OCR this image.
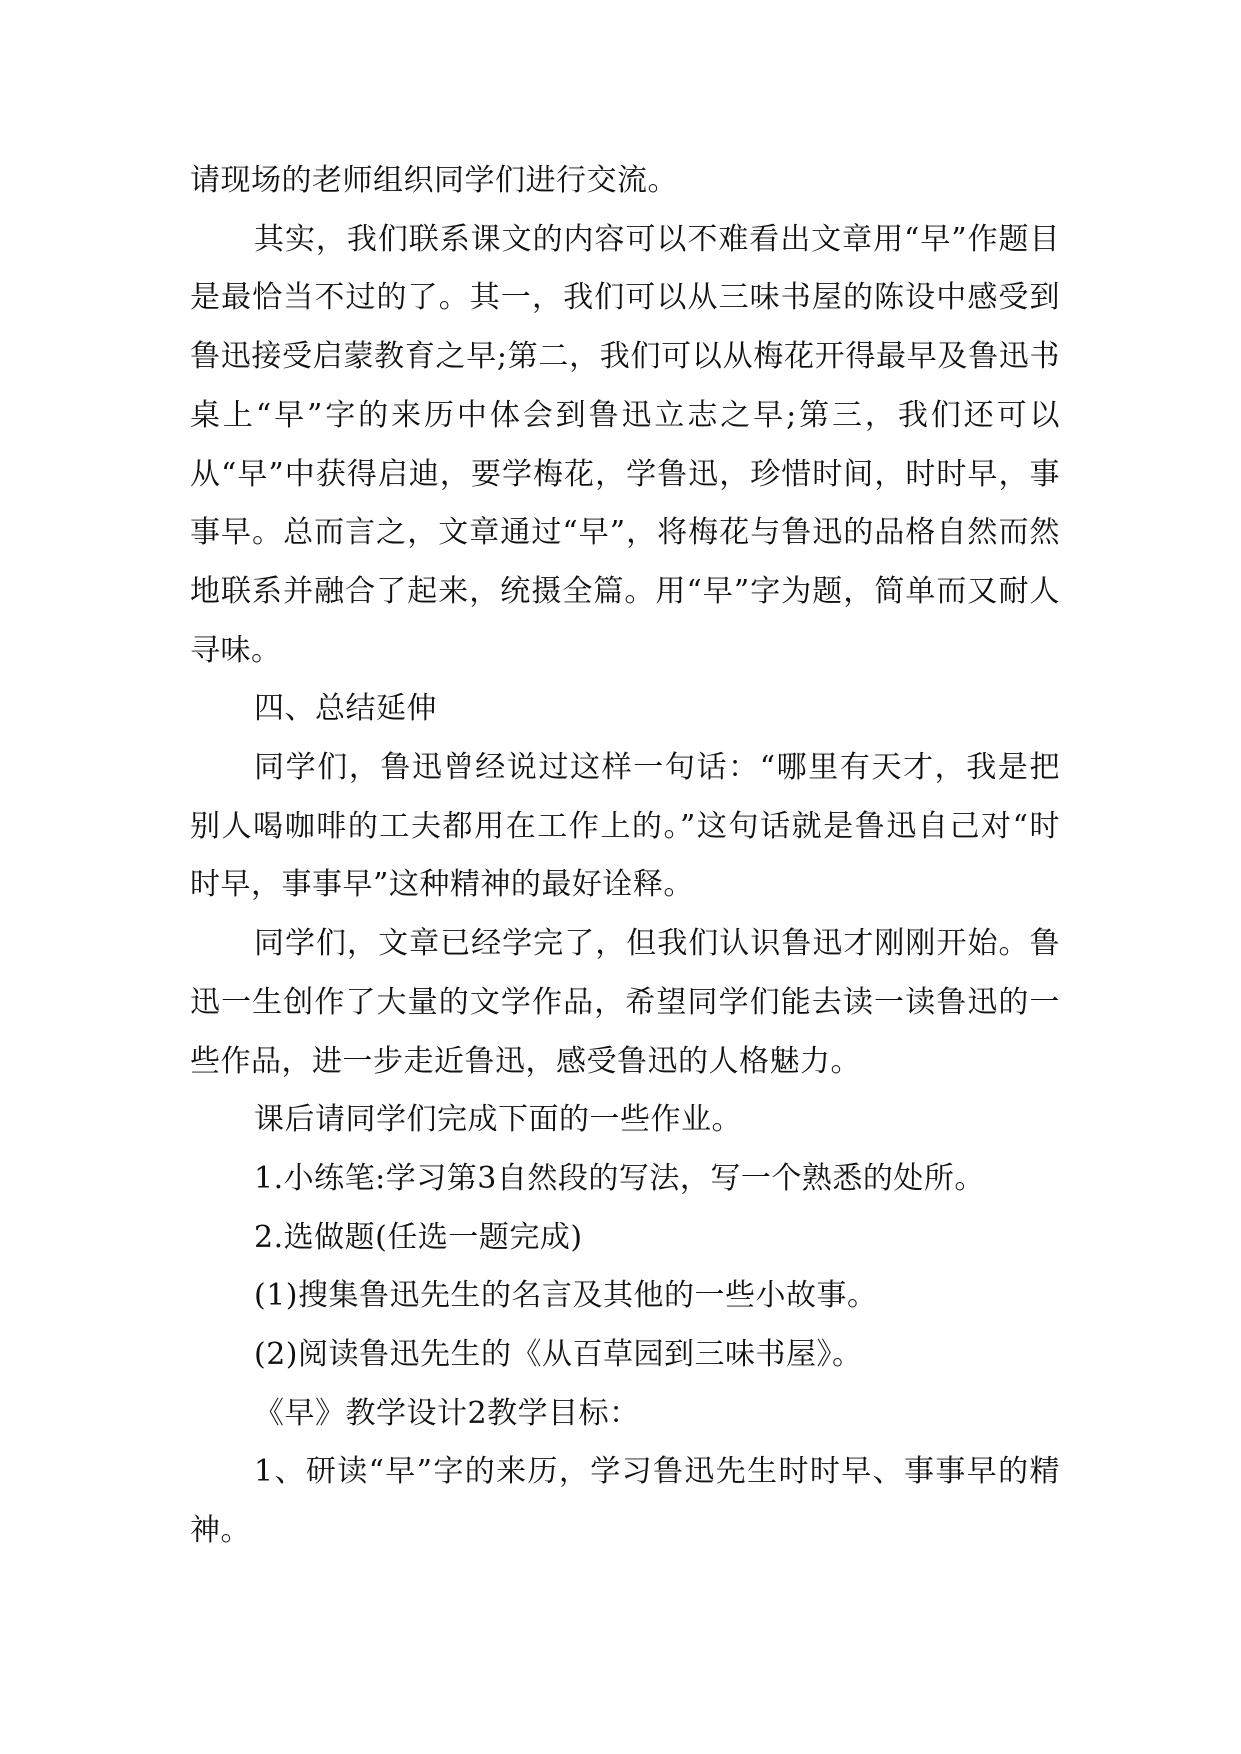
请现场的老师组织同学们进行交流。

其实，我们联系课文的内容可以不难看出文章用“早”作题目是最恰当不过的了。其一，我们可以从三味书屋的陈设中感受到鲁迅接受启蒙教育之早;第二，我们可以从梅花开得最早及鲁迅书桌上“早”字的来历中体会到鲁迅立志之早;第三，我们还可以从“早”中获得启迪，要学梅花，学鲁迅，珍惜时间，时时早，事事早。总而言之，文章通过“早”，将梅花与鲁迅的品格自然而然地联系并融合了起来，统摄全篇。用“早”字为题，简单而又耐人寻味。

四、总结延伸

同学们，鲁迅曾经说过这样一句话：“哪里有天才，我是把别人喝咖啡的工夫都用在工作上的。”这句话就是鲁迅自己对“时时早，事事早”这种精神的最好诠释。

同学们，文章已经学完了，但我们认识鲁迅才刚刚开始。鲁迅一生创作了大量的文学作品，希望同学们能去读一读鲁迅的一些作品，进一步走近鲁迅，感受鲁迅的人格魅力。

课后请同学们完成下面的一些作业。

1.小练笔:学习第3自然段的写法，写一个熟悉的处所。

2.选做题(任选一题完成)

(1)搜集鲁迅先生的名言及其他的一些小故事。

(2)阅读鲁迅先生的《从百草园到三味书屋》。

《早》教学设计2教学目标：

1、研读“早”字的来历，学习鲁迅先生时时早、事事早的精神。
